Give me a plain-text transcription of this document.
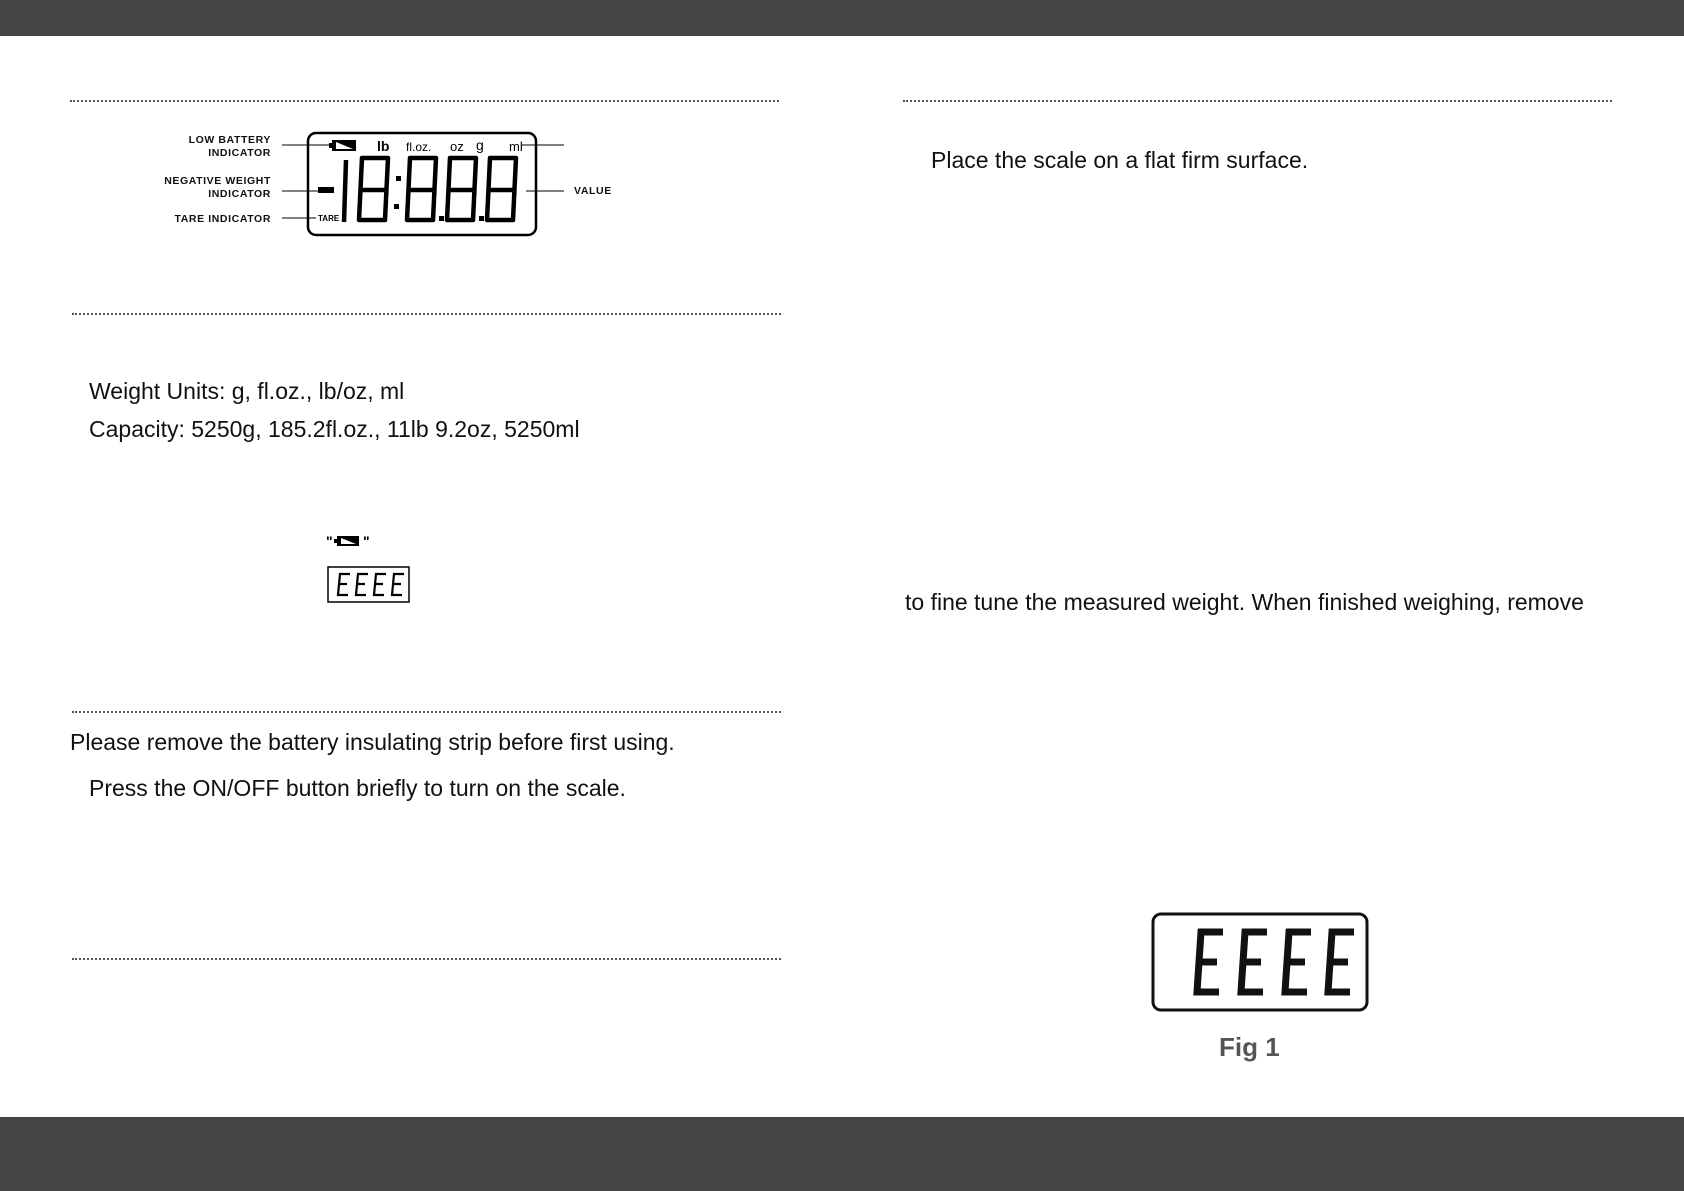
LOW BATTERY
INDICATOR
NEGATIVE WEIGHT
INDICATOR
TARE INDICATOR
VALUE
lb fl.oz. oz g ml
TARE
Weight Units: g, fl.oz., lb/oz, ml
Capacity: 5250g, 185.2fl.oz., 11lb 9.2oz, 5250ml
" "
Please remove the battery insulating strip before first using.
Press the ON/OFF button briefly to turn on the scale.
Place the scale on a flat firm surface.
to fine tune the measured weight. When finished weighing, remove
Fig 1
